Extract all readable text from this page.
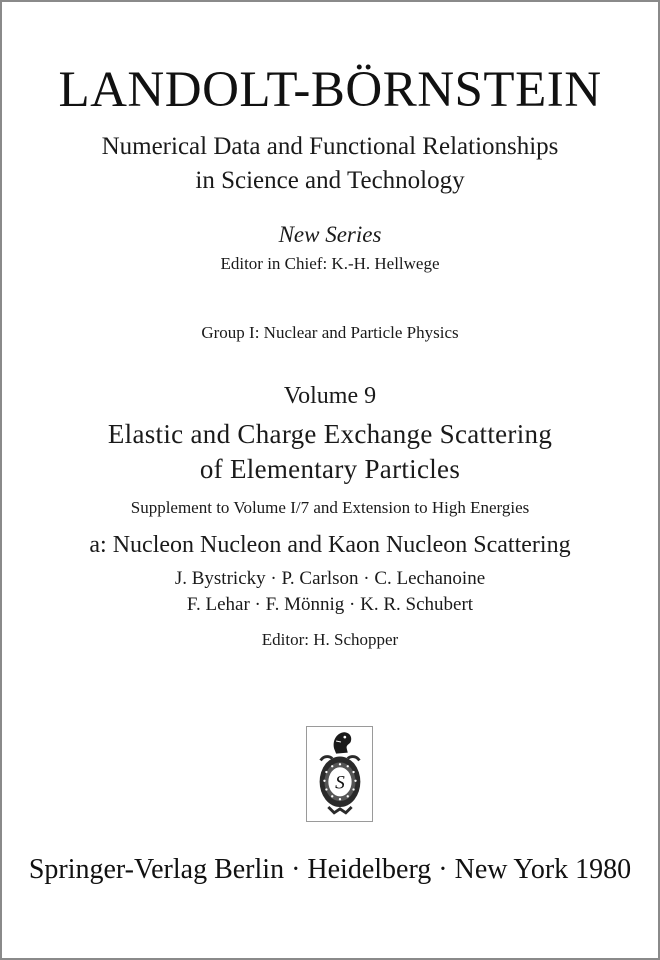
LANDOLT-BÖRNSTEIN
Numerical Data and Functional Relationships
in Science and Technology
New Series
Editor in Chief: K.-H. Hellwege
Group I: Nuclear and Particle Physics
Volume 9
Elastic and Charge Exchange Scattering
of Elementary Particles
Supplement to Volume I/7 and Extension to High Energies
a: Nucleon Nucleon and Kaon Nucleon Scattering
J. Bystricky · P. Carlson · C. Lechanoine
F. Lehar · F. Mönnig · K. R. Schubert
Editor: H. Schopper
S
Springer-Verlag Berlin · Heidelberg · New York 1980
